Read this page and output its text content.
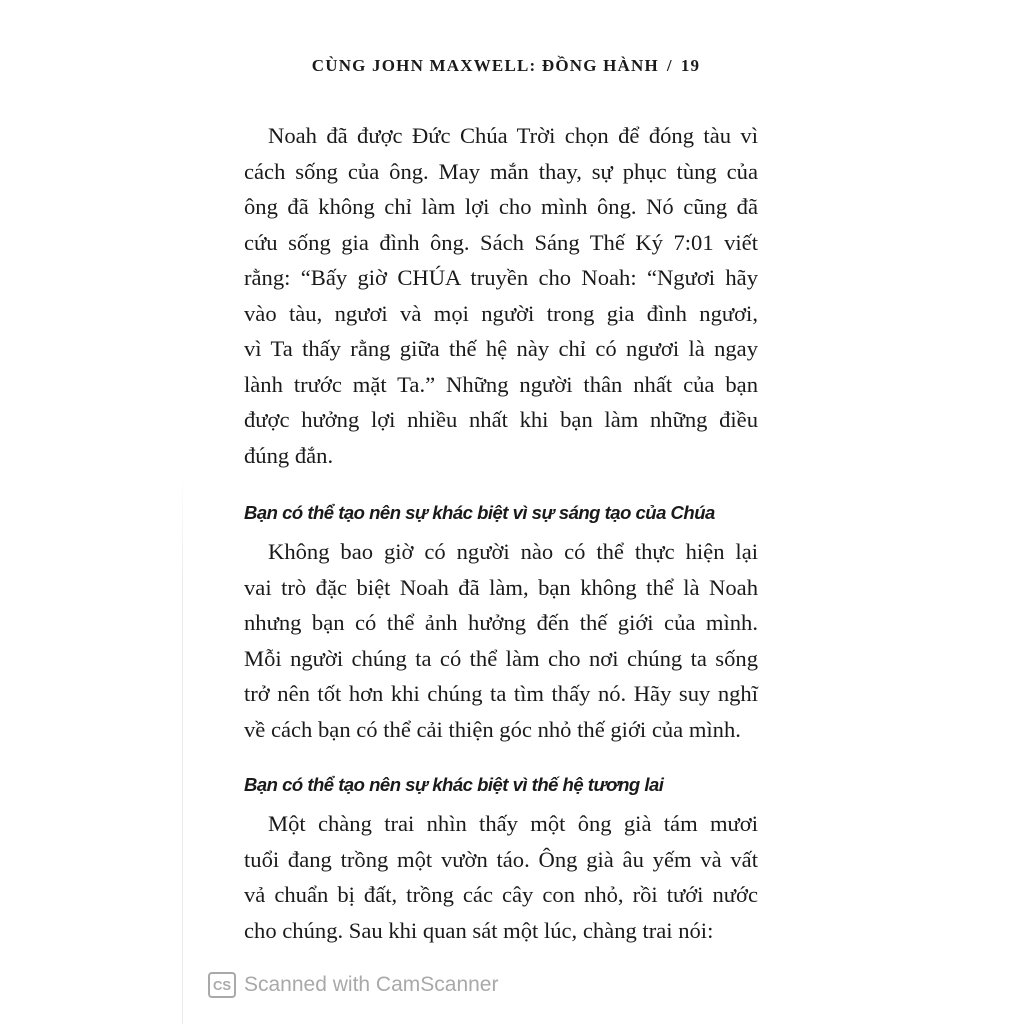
CÙNG JOHN MAXWELL: ĐỒNG HÀNH / 19
Noah đã được Đức Chúa Trời chọn để đóng tàu vì
cách sống của ông. May mắn thay, sự phục tùng của
ông đã không chỉ làm lợi cho mình ông. Nó cũng đã
cứu sống gia đình ông. Sách Sáng Thế Ký 7:01 viết
rằng: “Bấy giờ CHÚA truyền cho Noah: “Ngươi hãy
vào tàu, ngươi và mọi người trong gia đình ngươi,
vì Ta thấy rằng giữa thế hệ này chỉ có ngươi là ngay
lành trước mặt Ta.” Những người thân nhất của bạn
được hưởng lợi nhiều nhất khi bạn làm những điều
đúng đắn.
Bạn có thể tạo nên sự khác biệt vì sự sáng tạo của Chúa
Không bao giờ có người nào có thể thực hiện lại
vai trò đặc biệt Noah đã làm, bạn không thể là Noah
nhưng bạn có thể ảnh hưởng đến thế giới của mình.
Mỗi người chúng ta có thể làm cho nơi chúng ta sống
trở nên tốt hơn khi chúng ta tìm thấy nó. Hãy suy nghĩ
về cách bạn có thể cải thiện góc nhỏ thế giới của mình.
Bạn có thể tạo nên sự khác biệt vì thế hệ tương lai
Một chàng trai nhìn thấy một ông già tám mươi
tuổi đang trồng một vườn táo. Ông già âu yếm và vất
vả chuẩn bị đất, trồng các cây con nhỏ, rồi tưới nước
cho chúng. Sau khi quan sát một lúc, chàng trai nói:
CS Scanned with CamScanner
